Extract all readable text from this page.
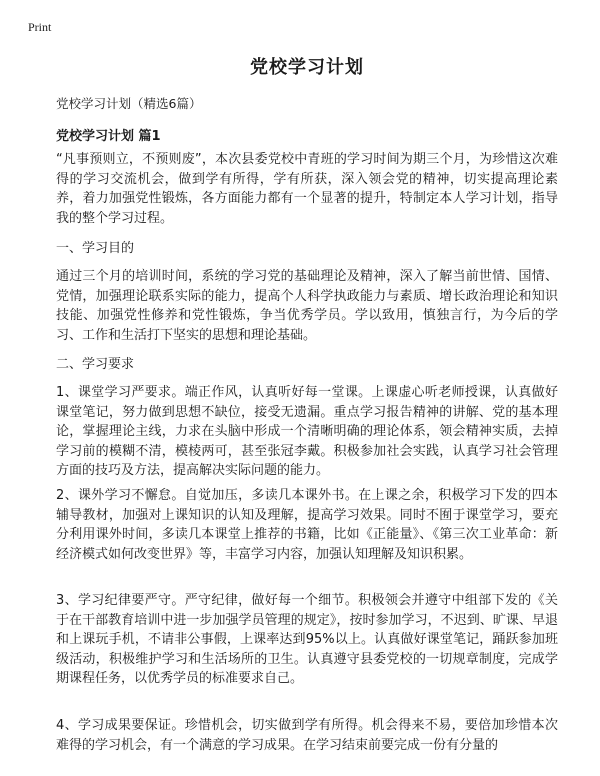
Print
党校学习计划

党校学习计划（精选6篇）

党校学习计划 篇1

“凡事预则立，不预则废”，本次县委党校中青班的学习时间为期三个月，为珍惜这次难得的学习交流机会，做到学有所得，学有所获，深入领会党的精神，切实提高理论素养，着力加强党性锻炼，各方面能力都有一个显著的提升，特制定本人学习计划，指导我的整个学习过程。

一、学习目的

通过三个月的培训时间，系统的学习党的基础理论及精神，深入了解当前世情、国情、党情，加强理论联系实际的能力，提高个人科学执政能力与素质、增长政治理论和知识技能、加强党性修养和党性锻炼，争当优秀学员。学以致用，慎独言行，为今后的学习、工作和生活打下坚实的思想和理论基础。

二、学习要求

1、课堂学习严要求。端正作风，认真听好每一堂课。上课虚心听老师授课，认真做好课堂笔记，努力做到思想不缺位，接受无遗漏。重点学习报告精神的讲解、党的基本理论，掌握理论主线，力求在头脑中形成一个清晰明确的理论体系，领会精神实质，去掉学习前的模糊不清，模棱两可，甚至张冠李戴。积极参加社会实践，认真学习社会管理方面的技巧及方法，提高解决实际问题的能力。

2、课外学习不懈怠。自觉加压，多读几本课外书。在上课之余，积极学习下发的四本辅导教材，加强对上课知识的认知及理解，提高学习效果。同时不囿于课堂学习，要充分利用课外时间，多读几本课堂上推荐的书籍，比如《正能量》、《第三次工业革命：新经济模式如何改变世界》等，丰富学习内容，加强认知理解及知识积累。

3、学习纪律要严守。严守纪律，做好每一个细节。积极领会并遵守中组部下发的《关于在干部教育培训中进一步加强学员管理的规定》，按时参加学习，不迟到、旷课、早退和上课玩手机，不请非公事假，上课率达到95%以上。认真做好课堂笔记，踊跃参加班级活动，积极维护学习和生活场所的卫生。认真遵守县委党校的一切规章制度，完成学期课程任务，以优秀学员的标准要求自己。

4、学习成果要保证。珍惜机会，切实做到学有所得。机会得来不易，要倍加珍惜本次难得的学习机会，有一个满意的学习成果。在学习结束前要完成一份有分量的
